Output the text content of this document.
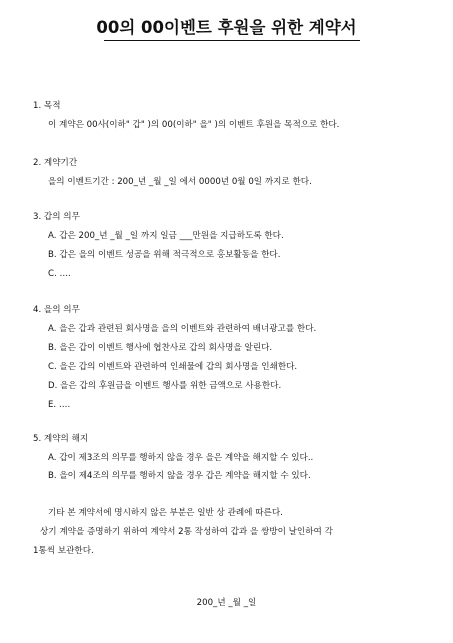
00의 00이벤트 후원을 위한 계약서
1. 목적
이 계약은 00사(이하" 갑" )의 00(이하" 을" )의 이벤트 후원을 목적으로 한다.
2. 계약기간
을의 이벤트기간 : 200_년 _월 _일 에서 0000년 0월 0일 까지로 한다.
3. 갑의 의무
A. 갑은 200_년 _월 _일 까지 일금 ___만원을 지급하도록 한다.
B. 갑은 을의 이벤트 성공을 위해 적극적으로 홍보활동을 한다.
C. ….
4. 을의 의무
A. 을은 갑과 관련된 회사명을 을의 이벤트와 관련하여 배너광고를 한다.
B. 을은 갑이 이벤트 행사에 협찬사로 갑의 회사명을 알린다.
C. 을은 갑의 이벤트와 관련하여 인쇄물에 갑의 회사명을 인쇄한다.
D. 을은 갑의 후원금을 이벤트 행사를 위한 금액으로 사용한다.
E. ….
5. 계약의 해지
A. 갑이 제3조의 의무를 행하지 않을 경우 을은 계약을 해지할 수 있다..
B. 을이 제4조의 의무를 행하지 않을 경우 갑은 계약을 해지할 수 있다.
기타 본 계약서에 명시하지 않은 부분은 일반 상 관례에 따른다.
상기 계약을 증명하기 위하여 계약서 2통 작성하여 갑과 을 쌍방이 날인하여 각
1통씩 보관한다.
200_년 _월 _일
